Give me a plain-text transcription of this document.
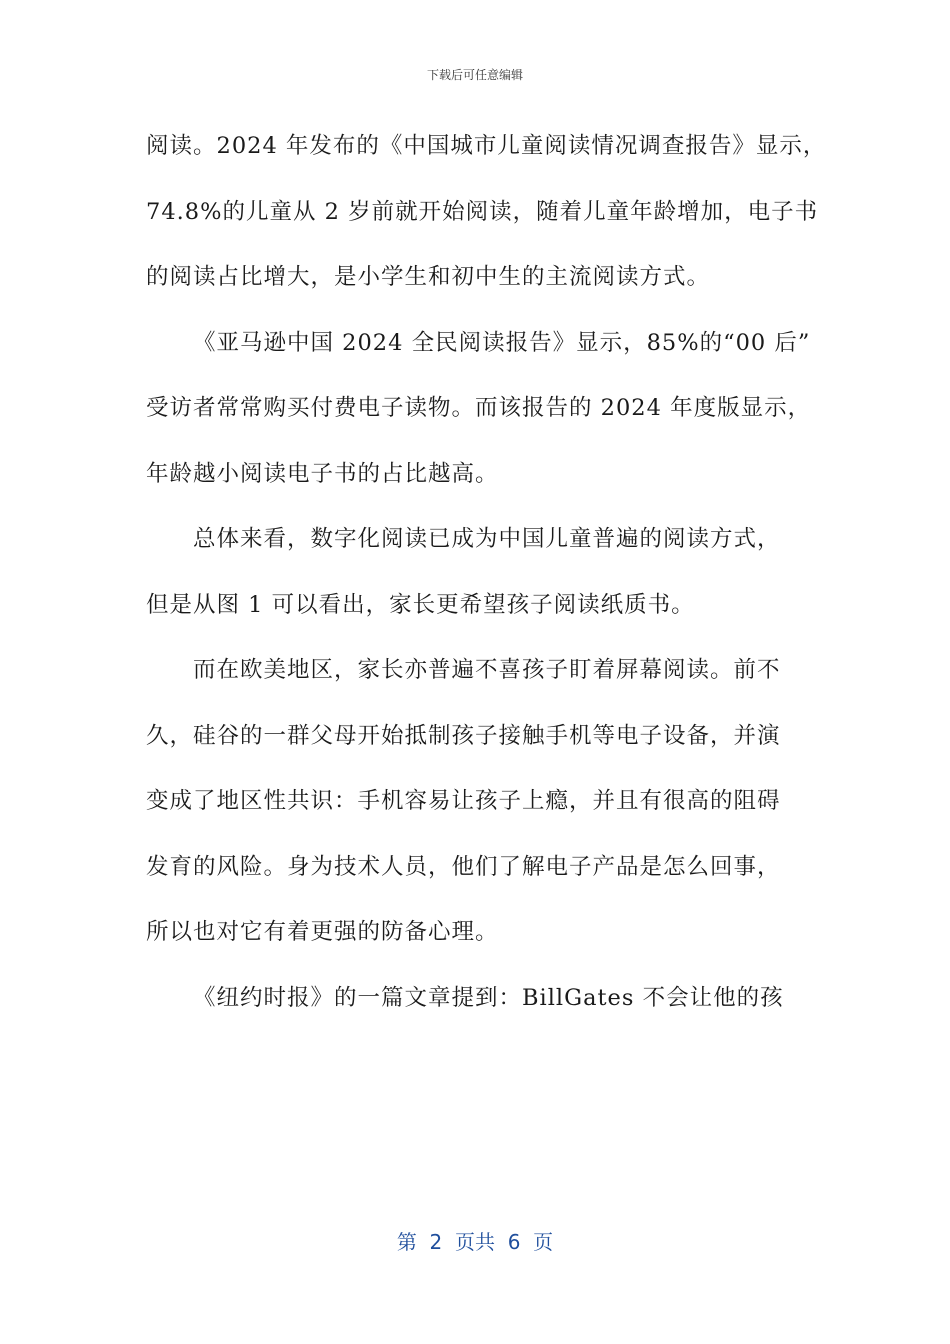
下载后可任意编辑
阅读。2024 年发布的《中国城市儿童阅读情况调查报告》显示，
74.8%的儿童从 2 岁前就开始阅读，随着儿童年龄增加，电子书
的阅读占比增大，是小学生和初中生的主流阅读方式。
《亚马逊中国 2024 全民阅读报告》显示，85%的“00 后”
受访者常常购买付费电子读物。而该报告的 2024 年度版显示，
年龄越小阅读电子书的占比越高。
总体来看，数字化阅读已成为中国儿童普遍的阅读方式，
但是从图 1 可以看出，家长更希望孩子阅读纸质书。
而在欧美地区，家长亦普遍不喜孩子盯着屏幕阅读。前不
久，硅谷的一群父母开始抵制孩子接触手机等电子设备，并演
变成了地区性共识：手机容易让孩子上瘾，并且有很高的阻碍
发育的风险。身为技术人员，他们了解电子产品是怎么回事，
所以也对它有着更强的防备心理。
《纽约时报》的一篇文章提到：BillGates 不会让他的孩
第  2  页共  6  页
